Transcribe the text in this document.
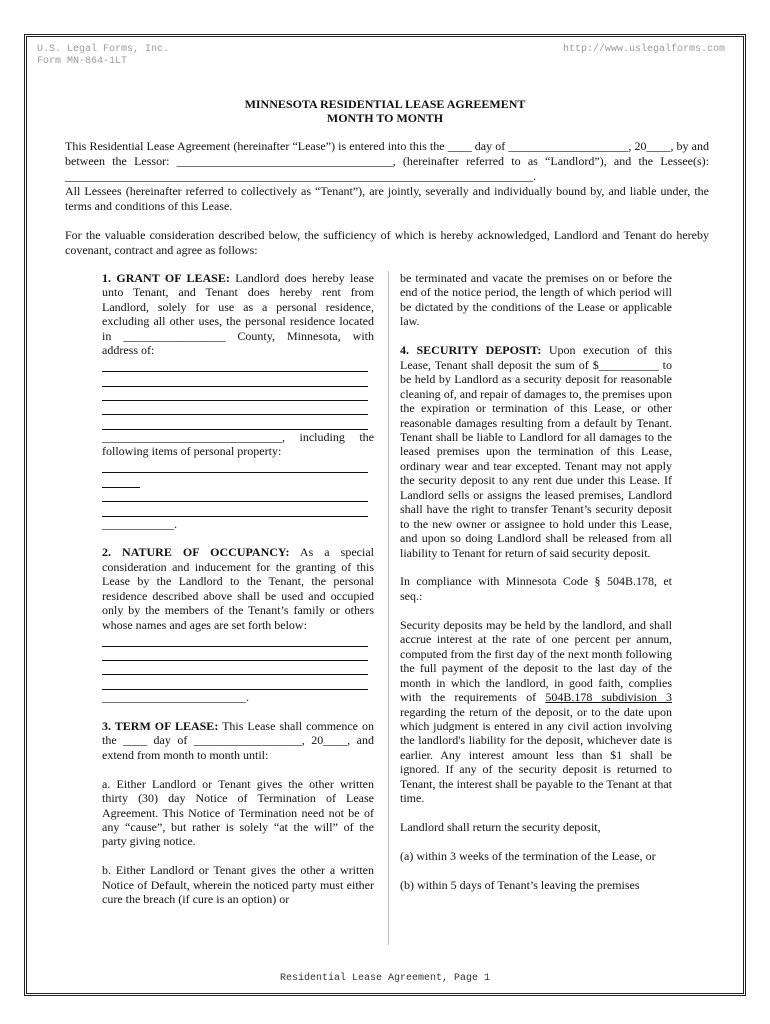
U.S. Legal Forms, Inc.
Form MN-864-1LT
http://www.uslegalforms.com
MINNESOTA RESIDENTIAL LEASE AGREEMENT
MONTH TO MONTH

This Residential Lease Agreement (hereinafter “Lease”) is entered into this the ____ day of ____________________, 20____, by and between the Lessor: ____________________________________, (hereinafter referred to as “Landlord”), and the Lessee(s): ______________________________________________________________________________.

All Lessees (hereinafter referred to collectively as “Tenant”), are jointly, severally and individually bound by, and liable under, the terms and conditions of this Lease.

For the valuable consideration described below, the sufficiency of which is hereby acknowledged, Landlord and Tenant do hereby covenant, contract and agree as follows:

1. GRANT OF LEASE: Landlord does hereby lease unto Tenant, and Tenant does hereby rent from Landlord, solely for use as a personal residence, excluding all other uses, the personal residence located in _________________ County, Minnesota, with address of:

______________________________, including the following items of personal property:

____________.

2. NATURE OF OCCUPANCY: As a special consideration and inducement for the granting of this Lease by the Landlord to the Tenant, the personal residence described above shall be used and occupied only by the members of the Tenant’s family or others whose names and ages are set forth below:

________________________.

3. TERM OF LEASE: This Lease shall commence on the ____ day of __________________, 20____, and extend from month to month until:

a. Either Landlord or Tenant gives the other written thirty (30) day Notice of Termination of Lease Agreement. This Notice of Termination need not be of any “cause”, but rather is solely “at the will” of the party giving notice.

b. Either Landlord or Tenant gives the other a written Notice of Default, wherein the noticed party must either cure the breach (if cure is an option) or

be terminated and vacate the premises on or before the end of the notice period, the length of which period will be dictated by the conditions of the Lease or applicable law.

4. SECURITY DEPOSIT: Upon execution of this Lease, Tenant shall deposit the sum of $__________ to be held by Landlord as a security deposit for reasonable cleaning of, and repair of damages to, the premises upon the expiration or termination of this Lease, or other reasonable damages resulting from a default by Tenant. Tenant shall be liable to Landlord for all damages to the leased premises upon the termination of this Lease, ordinary wear and tear excepted. Tenant may not apply the security deposit to any rent due under this Lease. If Landlord sells or assigns the leased premises, Landlord shall have the right to transfer Tenant’s security deposit to the new owner or assignee to hold under this Lease, and upon so doing Landlord shall be released from all liability to Tenant for return of said security deposit.

In compliance with Minnesota Code § 504B.178, et seq.:

Security deposits may be held by the landlord, and shall accrue interest at the rate of one percent per annum, computed from the first day of the next month following the full payment of the deposit to the last day of the month in which the landlord, in good faith, complies with the requirements of 504B.178 subdivision 3 regarding the return of the deposit, or to the date upon which judgment is entered in any civil action involving the landlord's liability for the deposit, whichever date is earlier. Any interest amount less than $1 shall be ignored. If any of the security deposit is returned to Tenant, the interest shall be payable to the Tenant at that time.

Landlord shall return the security deposit,

(a) within 3 weeks of the termination of the Lease, or

(b) within 5 days of Tenant’s leaving the premises

Residential Lease Agreement, Page 1
